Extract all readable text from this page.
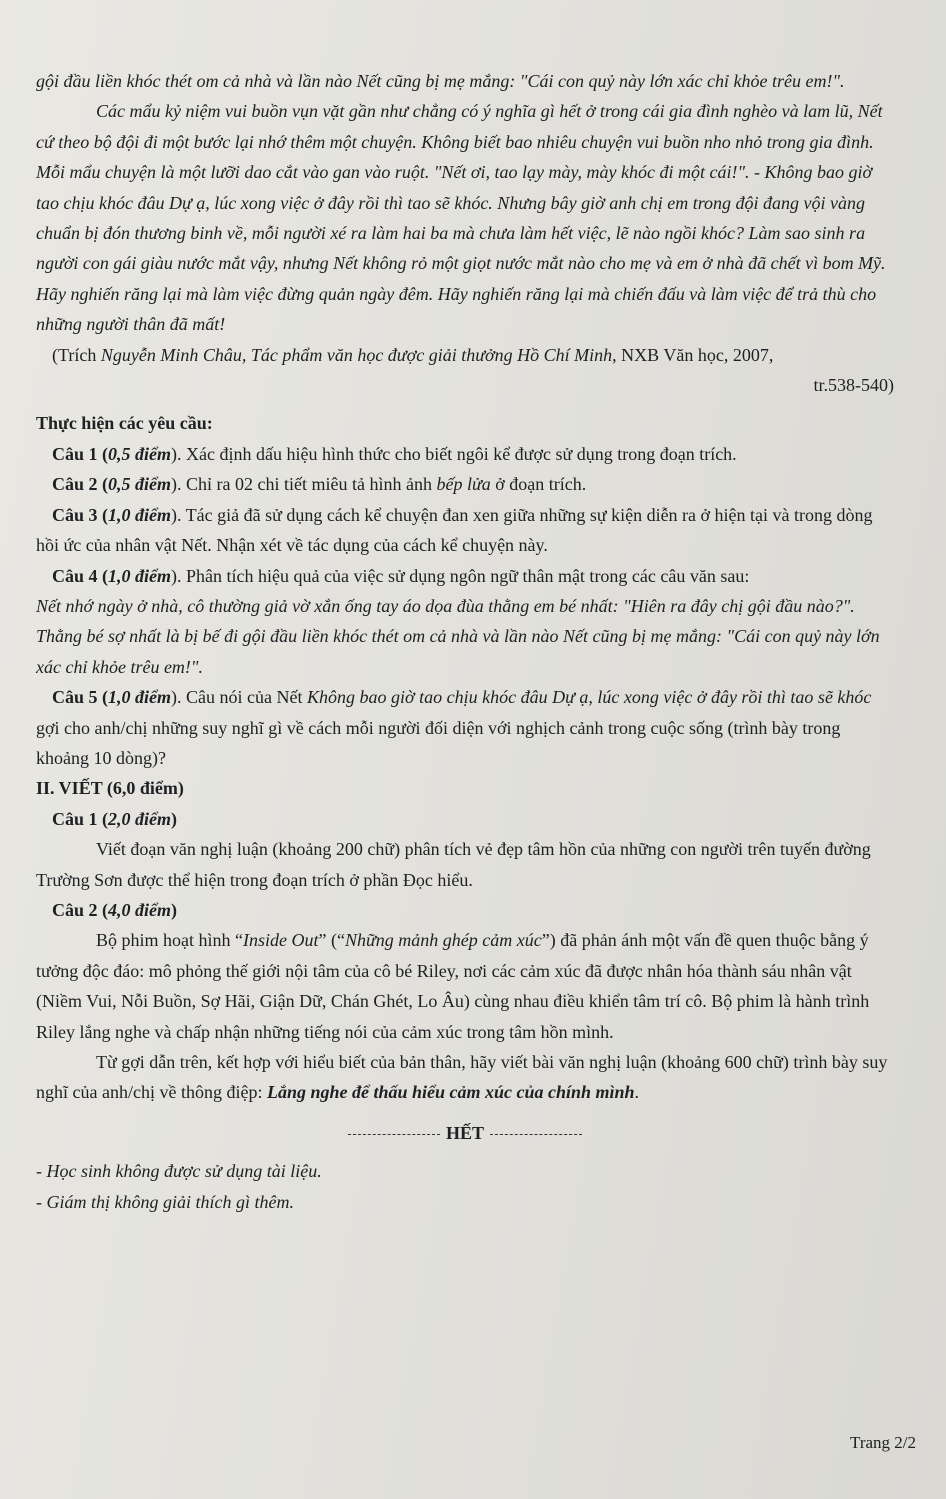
gội đầu liền khóc thét om cả nhà và lần nào Nết cũng bị mẹ mắng: "Cái con quỷ này lớn xác chỉ khỏe trêu em!".

Các mẩu kỷ niệm vui buồn vụn vặt gần như chẳng có ý nghĩa gì hết ở trong cái gia đình nghèo và lam lũ, Nết cứ theo bộ đội đi một bước lại nhớ thêm một chuyện. Không biết bao nhiêu chuyện vui buồn nho nhỏ trong gia đình. Mỗi mẩu chuyện là một lưỡi dao cắt vào gan vào ruột. "Nết ơi, tao lạy mày, mày khóc đi một cái!". - Không bao giờ tao chịu khóc đâu Dự ạ, lúc xong việc ở đây rồi thì tao sẽ khóc. Nhưng bây giờ anh chị em trong đội đang vội vàng chuẩn bị đón thương binh về, mỗi người xé ra làm hai ba mà chưa làm hết việc, lẽ nào ngồi khóc? Làm sao sinh ra người con gái giàu nước mắt vậy, nhưng Nết không rỏ một giọt nước mắt nào cho mẹ và em ở nhà đã chết vì bom Mỹ. Hãy nghiến răng lại mà làm việc đừng quản ngày đêm. Hãy nghiến răng lại mà chiến đấu và làm việc để trả thù cho những người thân đã mất!

(Trích Nguyễn Minh Châu, Tác phẩm văn học được giải thưởng Hồ Chí Minh, NXB Văn học, 2007,

tr.538-540)

Thực hiện các yêu cầu:

Câu 1 (0,5 điểm). Xác định dấu hiệu hình thức cho biết ngôi kể được sử dụng trong đoạn trích.

Câu 2 (0,5 điểm). Chỉ ra 02 chi tiết miêu tả hình ảnh bếp lửa ở đoạn trích.

Câu 3 (1,0 điểm). Tác giả đã sử dụng cách kể chuyện đan xen giữa những sự kiện diễn ra ở hiện tại và trong dòng hồi ức của nhân vật Nết. Nhận xét về tác dụng của cách kể chuyện này.

Câu 4 (1,0 điểm). Phân tích hiệu quả của việc sử dụng ngôn ngữ thân mật trong các câu văn sau:

Nết nhớ ngày ở nhà, cô thường giả vờ xắn ống tay áo dọa đùa thằng em bé nhất: "Hiên ra đây chị gội đầu nào?". Thằng bé sợ nhất là bị bế đi gội đầu liền khóc thét om cả nhà và lần nào Nết cũng bị mẹ mắng: "Cái con quỷ này lớn xác chỉ khỏe trêu em!".

Câu 5 (1,0 điểm). Câu nói của Nết Không bao giờ tao chịu khóc đâu Dự ạ, lúc xong việc ở đây rồi thì tao sẽ khóc gợi cho anh/chị những suy nghĩ gì về cách mỗi người đối diện với nghịch cảnh trong cuộc sống (trình bày trong khoảng 10 dòng)?

II. VIẾT (6,0 điểm)

Câu 1 (2,0 điểm)

Viết đoạn văn nghị luận (khoảng 200 chữ) phân tích vẻ đẹp tâm hồn của những con người trên tuyến đường Trường Sơn được thể hiện trong đoạn trích ở phần Đọc hiểu.

Câu 2 (4,0 điểm)

Bộ phim hoạt hình “Inside Out” (“Những mảnh ghép cảm xúc”) đã phản ánh một vấn đề quen thuộc bằng ý tưởng độc đáo: mô phỏng thế giới nội tâm của cô bé Riley, nơi các cảm xúc đã được nhân hóa thành sáu nhân vật (Niềm Vui, Nỗi Buồn, Sợ Hãi, Giận Dữ, Chán Ghét, Lo Âu) cùng nhau điều khiển tâm trí cô. Bộ phim là hành trình Riley lắng nghe và chấp nhận những tiếng nói của cảm xúc trong tâm hồn mình.

Từ gợi dẫn trên, kết hợp với hiểu biết của bản thân, hãy viết bài văn nghị luận (khoảng 600 chữ) trình bày suy nghĩ của anh/chị về thông điệp: Lắng nghe để thấu hiểu cảm xúc của chính mình.

HẾT

- Học sinh không được sử dụng tài liệu.

- Giám thị không giải thích gì thêm.

Trang 2/2
